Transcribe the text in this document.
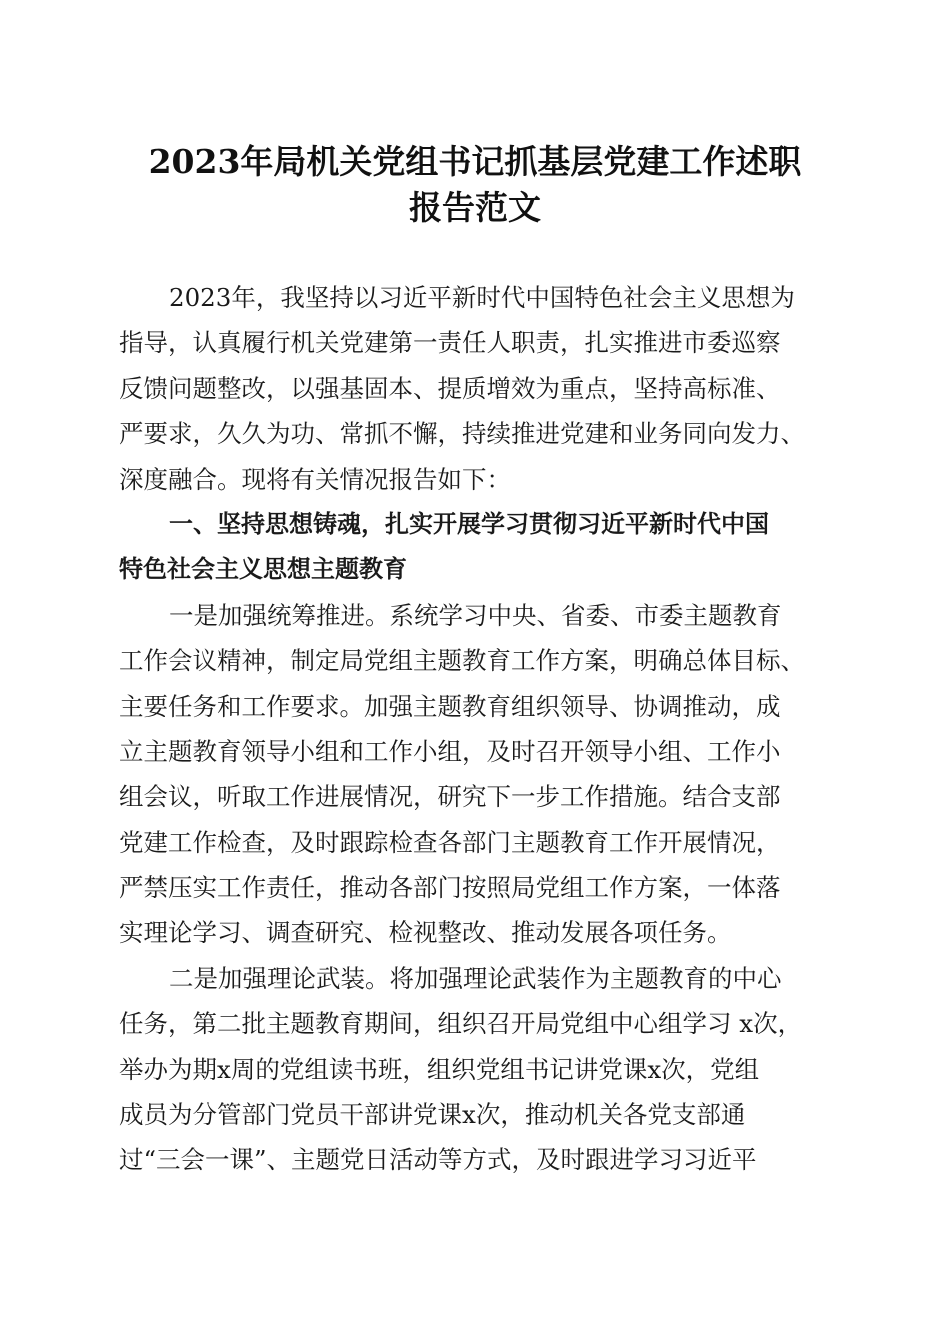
2023年局机关党组书记抓基层党建工作述职
报告范文
2023年，我坚持以习近平新时代中国特色社会主义思想为
指导，认真履行机关党建第一责任人职责，扎实推进市委巡察
反馈问题整改，以强基固本、提质增效为重点，坚持高标准、
严要求，久久为功、常抓不懈，持续推进党建和业务同向发力、
深度融合。现将有关情况报告如下：
一、坚持思想铸魂，扎实开展学习贯彻习近平新时代中国
特色社会主义思想主题教育
一是加强统筹推进。系统学习中央、省委、市委主题教育
工作会议精神，制定局党组主题教育工作方案，明确总体目标、
主要任务和工作要求。加强主题教育组织领导、协调推动，成
立主题教育领导小组和工作小组，及时召开领导小组、工作小
组会议，听取工作进展情况，研究下一步工作措施。结合支部
党建工作检查，及时跟踪检查各部门主题教育工作开展情况，
严禁压实工作责任，推动各部门按照局党组工作方案，一体落
实理论学习、调查研究、检视整改、推动发展各项任务。
二是加强理论武装。将加强理论武装作为主题教育的中心
任务，第二批主题教育期间，组织召开局党组中心组学习 x次，
举办为期x周的党组读书班，组织党组书记讲党课x次，党组
成员为分管部门党员干部讲党课x次，推动机关各党支部通
过“三会一课”、主题党日活动等方式，及时跟进学习习近平
